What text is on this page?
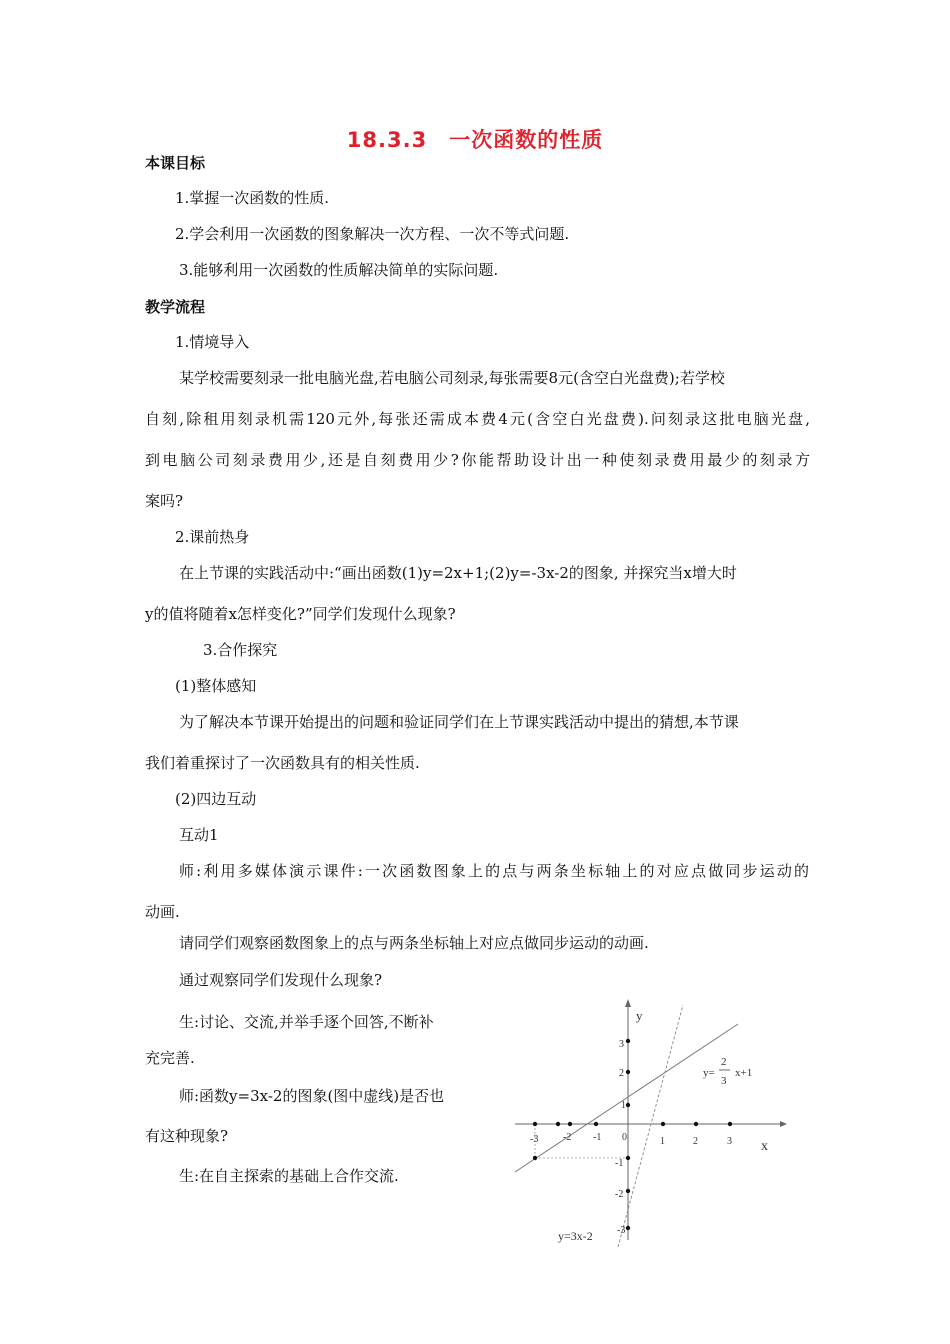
18.3.3　一次函数的性质
本课目标
1.掌握一次函数的性质.
2.学会利用一次函数的图象解决一次方程、一次不等式问题.
3.能够利用一次函数的性质解决简单的实际问题.
教学流程
1.情境导入
某学校需要刻录一批电脑光盘,若电脑公司刻录,每张需要8元(含空白光盘费);若学校
自刻,除租用刻录机需120元外,每张还需成本费4元(含空白光盘费).问刻录这批电脑光盘,
到电脑公司刻录费用少,还是自刻费用少?你能帮助设计出一种使刻录费用最少的刻录方
案吗?
2.课前热身
在上节课的实践活动中:“画出函数(1)y=2x+1;(2)y=-3x-2的图象, 并探究当x增大时
y的值将随着x怎样变化?”同学们发现什么现象?
3.合作探究
(1)整体感知
为了解决本节课开始提出的问题和验证同学们在上节课实践活动中提出的猜想,本节课
我们着重探讨了一次函数具有的相关性质.
(2)四边互动
互动1
师:利用多媒体演示课件:一次函数图象上的点与两条坐标轴上的对应点做同步运动的
动画.
请同学们观察函数图象上的点与两条坐标轴上对应点做同步运动的动画.
通过观察同学们发现什么现象?
生:讨论、交流,并举手逐个回答,不断补
充完善.
师:函数y=3x-2的图象(图中虚线)是否也
有这种现象?
生:在自主探索的基础上合作交流.
y
x
0
-3 -2 -1	1	2	3
3
2
1
-1
-2
-3
y=
2
3
x+1
y=3x-2
